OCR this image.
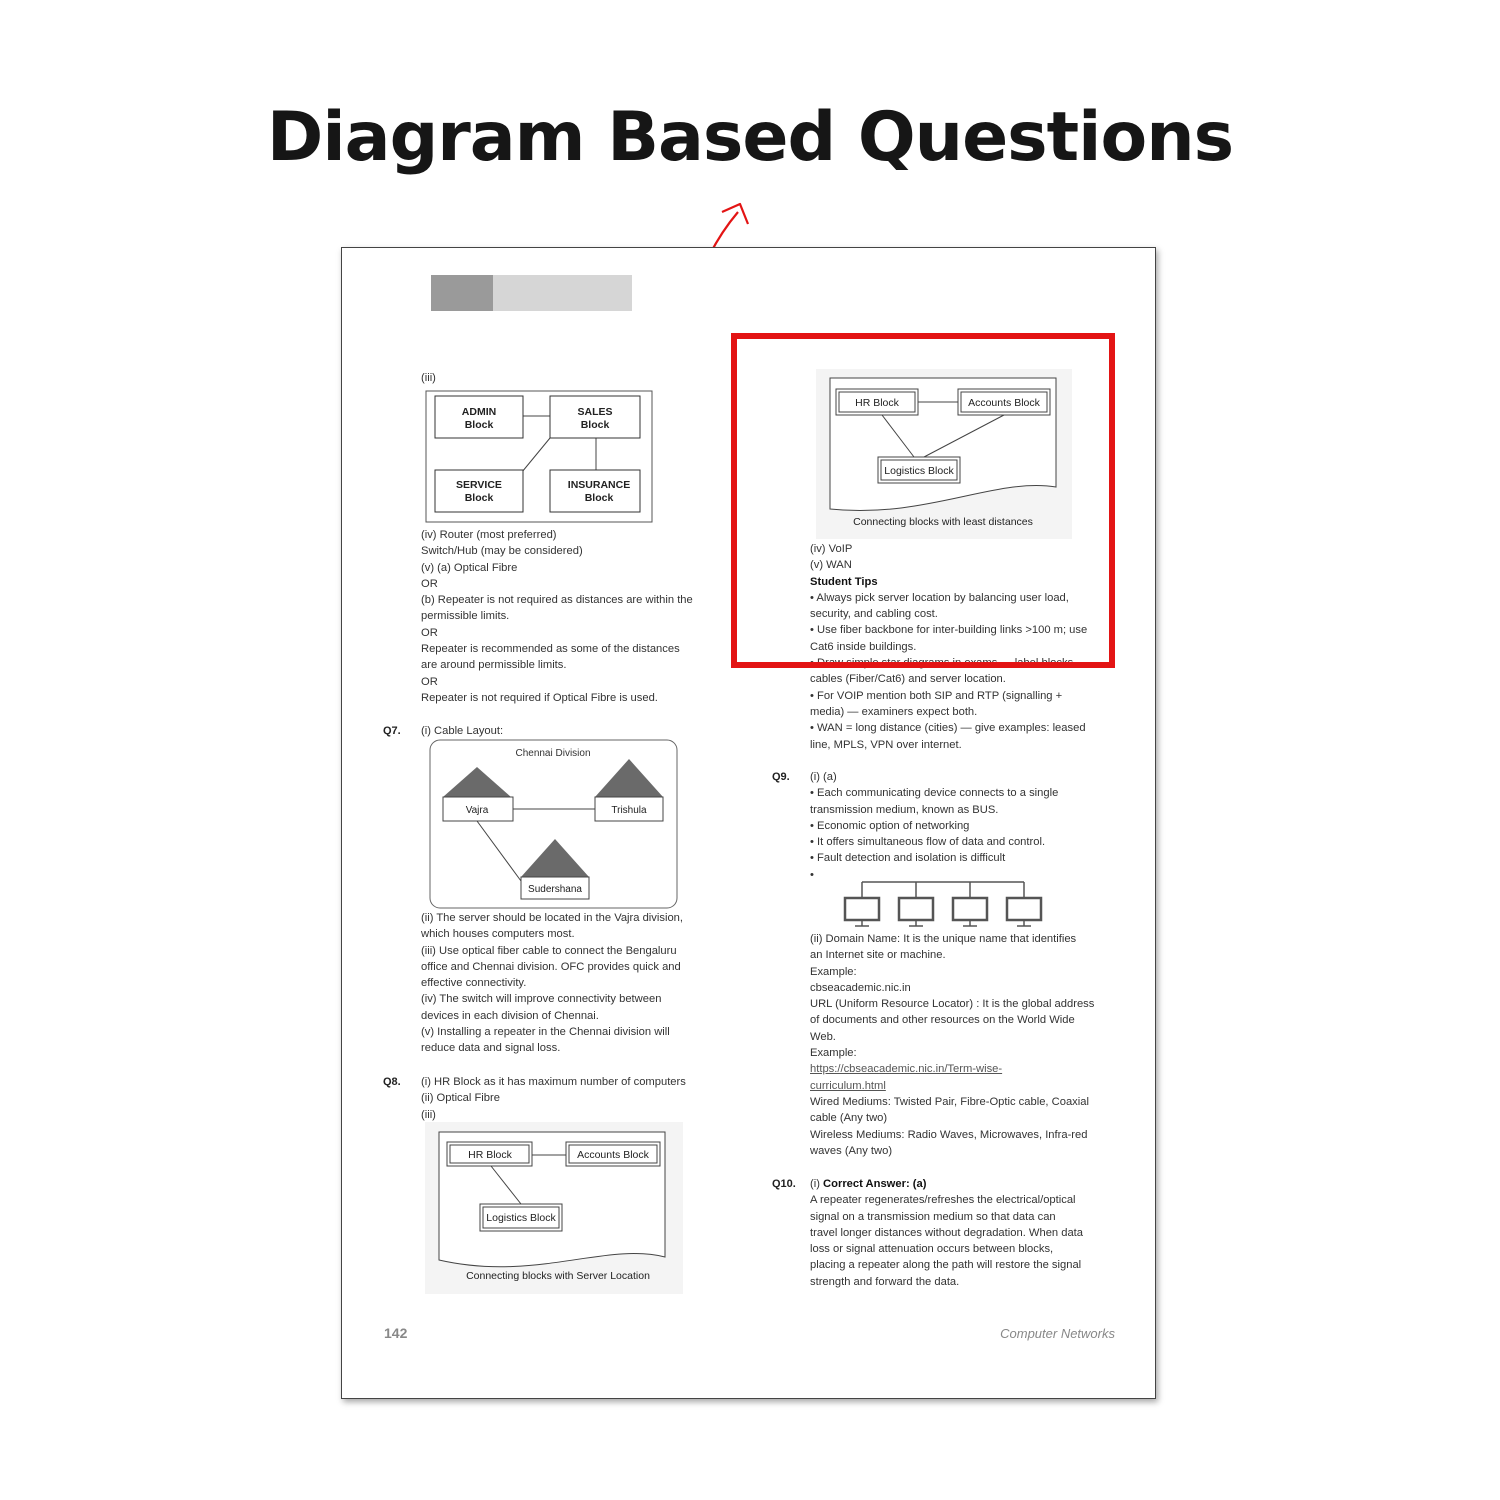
Diagram Based Questions
(iii)
ADMIN
Block
SALES
Block
SERVICE
Block
INSURANCE
Block

(iv) Router (most preferred)

Switch/Hub (may be considered)

(v) (a) Optical Fibre

OR

(b) Repeater is not required as distances are within the

permissible limits.

OR

Repeater is recommended as some of the distances

are around permissible limits.

OR

Repeater is not required if Optical Fibre is used.

Q7. (i) Cable Layout:
Chennai Division
Vajra	Trishula
Sudershana

(ii) The server should be located in the Vajra division,

which houses computers most.

(iii) Use optical fiber cable to connect the Bengaluru

office and Chennai division. OFC provides quick and

effective connectivity.

(iv) The switch will improve connectivity between

devices in each division of Chennai.

(v) Installing a repeater in the Chennai division will

reduce data and signal loss.

Q8. (i) HR Block as it has maximum number of computers

(ii) Optical Fibre

(iii)

HR Block	Accounts Block
Logistics Block
Connecting blocks with Server Location
HR Block	Accounts Block
Logistics Block
Connecting blocks with least distances

(iv) VoIP

(v) WAN

Student Tips

• Always pick server location by balancing user load,

security, and cabling cost.

• Use fiber backbone for inter-building links >100 m; use

Cat6 inside buildings.

• Draw simple star diagrams in exams — label blocks,

cables (Fiber/Cat6) and server location.

• For VOIP mention both SIP and RTP (signalling +

media) — examiners expect both.

• WAN = long distance (cities) — give examples: leased

line, MPLS, VPN over internet.

Q9. (i) (a)

• Each communicating device connects to a single

transmission medium, known as BUS.

• Economic option of networking

• It offers simultaneous flow of data and control.

• Fault detection and isolation is difficult

•

(ii) Domain Name: It is the unique name that identifies

an Internet site or machine.

Example:

cbseacademic.nic.in

URL (Uniform Resource Locator) : It is the global address

of documents and other resources on the World Wide

Web.

Example:

https://cbseacademic.nic.in/Term-wise-

curriculum.html

Wired Mediums: Twisted Pair, Fibre-Optic cable, Coaxial

cable (Any two)

Wireless Mediums: Radio Waves, Microwaves, Infra-red

waves (Any two)

Q10. (i) Correct Answer: (a)

A repeater regenerates/refreshes the electrical/optical

signal on a transmission medium so that data can

travel longer distances without degradation. When data

loss or signal attenuation occurs between blocks,

placing a repeater along the path will restore the signal

strength and forward the data.

142	Computer Networks
